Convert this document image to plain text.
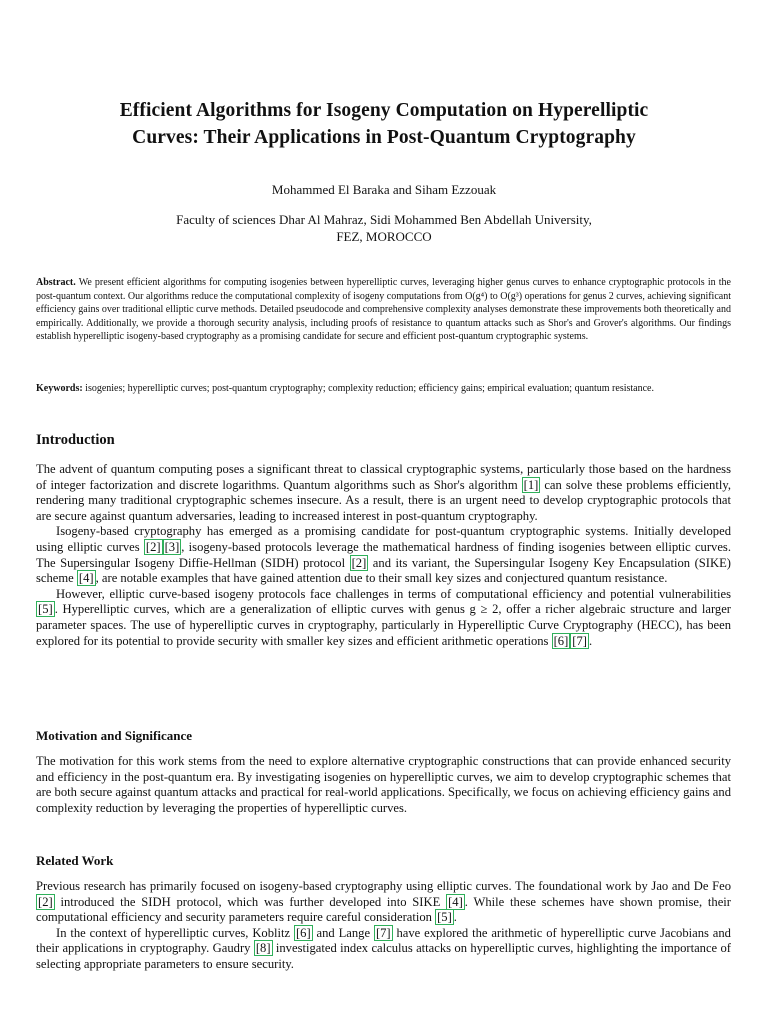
Efficient Algorithms for Isogeny Computation on Hyperelliptic
Curves: Their Applications in Post-Quantum Cryptography
Mohammed El Baraka and Siham Ezzouak
Faculty of sciences Dhar Al Mahraz, Sidi Mohammed Ben Abdellah University,
FEZ, MOROCCO
Abstract. We present efficient algorithms for computing isogenies between hyperelliptic curves, leveraging higher genus curves to enhance cryptographic protocols in the post-quantum context. Our algorithms reduce the computational complexity of isogeny computations from O(g⁴) to O(g³) operations for genus 2 curves, achieving significant efficiency gains over traditional elliptic curve methods. Detailed pseudocode and comprehensive complexity analyses demonstrate these improvements both theoretically and empirically. Additionally, we provide a thorough security analysis, including proofs of resistance to quantum attacks such as Shor's and Grover's algorithms. Our findings establish hyperelliptic isogeny-based cryptography as a promising candidate for secure and efficient post-quantum cryptographic systems.
Keywords: isogenies; hyperelliptic curves; post-quantum cryptography; complexity reduction; efficiency gains; empirical evaluation; quantum resistance.
Introduction

The advent of quantum computing poses a significant threat to classical cryptographic systems, particularly those based on the hardness of integer factorization and discrete logarithms. Quantum algorithms such as Shor's algorithm [1] can solve these problems efficiently, rendering many traditional cryptographic schemes insecure. As a result, there is an urgent need to develop cryptographic protocols that are secure against quantum adversaries, leading to increased interest in post-quantum cryptography.

Isogeny-based cryptography has emerged as a promising candidate for post-quantum cryptographic systems. Initially developed using elliptic curves [2] [3] , isogeny-based protocols leverage the mathematical hardness of finding isogenies between elliptic curves. The Supersingular Isogeny Diffie-Hellman (SIDH) protocol [2] and its variant, the Supersingular Isogeny Key Encapsulation (SIKE) scheme [4] , are notable examples that have gained attention due to their small key sizes and conjectured quantum resistance.

However, elliptic curve-based isogeny protocols face challenges in terms of computational efficiency and potential vulnerabilities [5] . Hyperelliptic curves, which are a generalization of elliptic curves with genus g ≥ 2, offer a richer algebraic structure and larger parameter spaces. The use of hyperelliptic curves in cryptography, particularly in Hyperelliptic Curve Cryptography (HECC), has been explored for its potential to provide security with smaller key sizes and efficient arithmetic operations [6] [7] .

Motivation and Significance

The motivation for this work stems from the need to explore alternative cryptographic constructions that can provide enhanced security and efficiency in the post-quantum era. By investigating isogenies on hyperelliptic curves, we aim to develop cryptographic schemes that are both secure against quantum attacks and practical for real-world applications. Specifically, we focus on achieving efficiency gains and complexity reduction by leveraging the properties of hyperelliptic curves.

Related Work

Previous research has primarily focused on isogeny-based cryptography using elliptic curves. The foundational work by Jao and De Feo [2] introduced the SIDH protocol, which was further developed into SIKE [4] . While these schemes have shown promise, their computational efficiency and security parameters require careful consideration [5] .

In the context of hyperelliptic curves, Koblitz [6] and Lange [7] have explored the arithmetic of hyperelliptic curve Jacobians and their applications in cryptography. Gaudry [8] investigated index calculus attacks on hyperelliptic curves, highlighting the importance of selecting appropriate parameters to ensure security.
